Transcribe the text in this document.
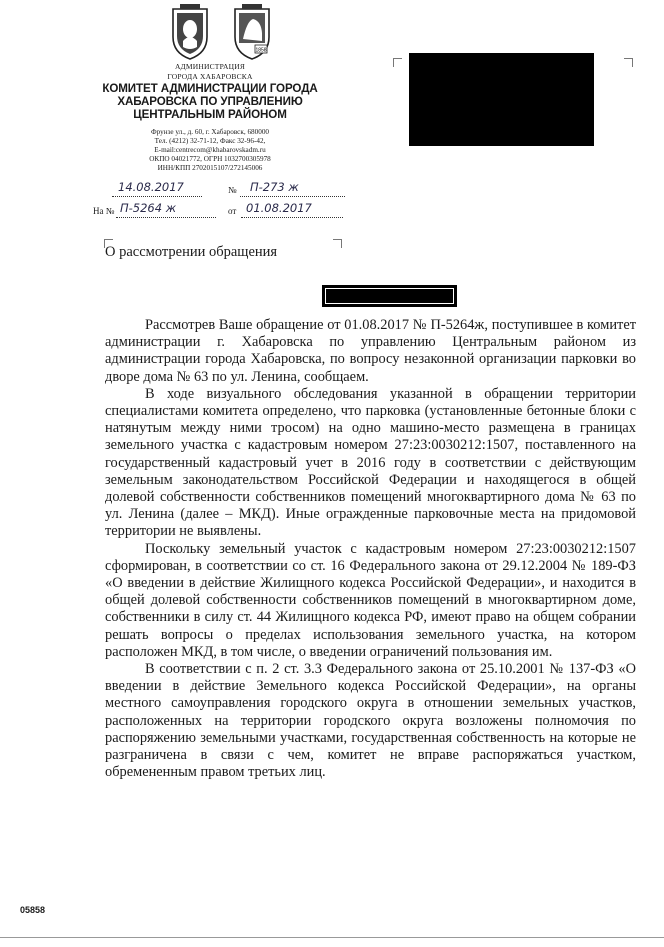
1858
АДМИНИСТРАЦИЯ
ГОРОДА ХАБАРОВСКА
КОМИТЕТ АДМИНИСТРАЦИИ ГОРОДА
ХАБАРОВСКА ПО УПРАВЛЕНИЮ
ЦЕНТРАЛЬНЫМ РАЙОНОМ
Фрунзе ул., д. 60, г. Хабаровск, 680000
Тел. (4212) 32-71-12, Факс 32-96-42,
E-mail:centrecom@khabarovskadm.ru
ОКПО 04021772, ОГРН 1032700305978
ИНН/КПП 2702015107/272145006
14.08.2017	№ П-273 ж
На № П-5264 ж	от 01.08.2017
О рассмотрении обращения

Рассмотрев Ваше обращение от 01.08.2017 № П-5264ж, поступившее в комитет администрации г. Хабаровска по управлению Центральным районом из администрации города Хабаровска, по вопросу незаконной организации парковки во дворе дома № 63 по ул. Ленина, сообщаем.

В ходе визуального обследования указанной в обращении территории специалистами комитета определено, что парковка (установленные бетонные блоки с натянутым между ними тросом) на одно машино-место размещена в границах земельного участка с кадастровым номером 27:23:0030212:1507, поставленного на государственный кадастровый учет в 2016 году в соответствии с действующим земельным законодательством Российской Федерации и находящегося в общей долевой собственности собственников помещений многоквартирного дома № 63 по ул. Ленина (далее – МКД). Иные огражденные парковочные места на придомовой территории не выявлены.

Поскольку земельный участок с кадастровым номером 27:23:0030212:1507 сформирован, в соответствии со ст. 16 Федерального закона от 29.12.2004 № 189-ФЗ «О введении в действие Жилищного кодекса Российской Федерации», и находится в общей долевой собственности собственников помещений в многоквартирном доме, собственники в силу ст. 44 Жилищного кодекса РФ, имеют право на общем собрании решать вопросы о пределах использования земельного участка, на котором расположен МКД, в том числе, о введении ограничений пользования им.

В соответствии с п. 2 ст. 3.3 Федерального закона от 25.10.2001 № 137-ФЗ «О введении в действие Земельного кодекса Российской Федерации», на органы местного самоуправления городского округа в отношении земельных участков, расположенных на территории городского округа возложены полномочия по распоряжению земельными участками, государственная собственность на которые не разграничена в связи с чем, комитет не вправе распоряжаться участком, обремененным правом третьих лиц.

05858
